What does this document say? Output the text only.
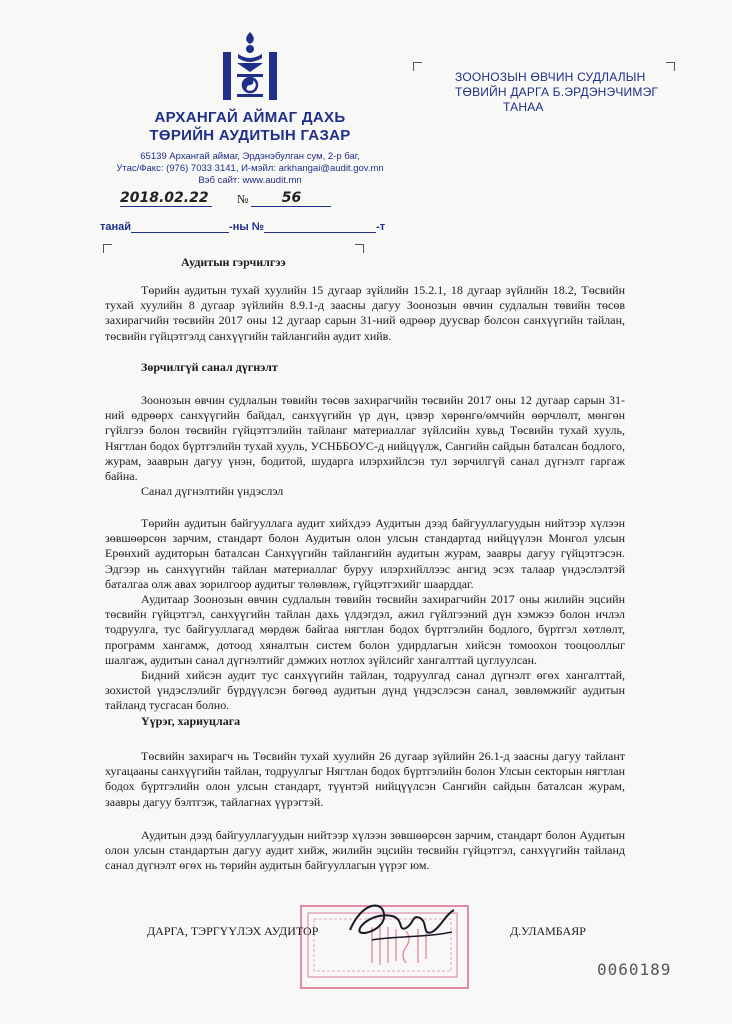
АРХАНГАЙ АЙМАГ ДАХЬ
ТӨРИЙН АУДИТЫН ГАЗАР
65139 Архангай аймаг, Эрдэнэбулган сум, 2-р баг,
Утас/Факс: (976) 7033 3141, И-мэйл: arkhangai@audit.gov.mn
Вэб сайт: www.audit.mn
ЗООНОЗЫН ӨВЧИН СУДЛАЛЫН
ТӨВИЙН ДАРГА Б.ЭРДЭНЭЧИМЭГ
ТАНАА
2018.02.22 № 56
танай	-ны №	-т
Аудитын гэрчилгээ

Төрийн аудитын тухай хуулийн 15 дугаар зүйлийн 15.2.1, 18 дугаар зүйлийн 18.2, Төсвийн тухай хуулийн 8 дугаар зүйлийн 8.9.1-д заасны дагуу Зоонозын өвчин судлалын төвийн төсөв захирагчийн төсвийн 2017 оны 12 дугаар сарын 31-ний өдрөөр дуусвар болсон санхүүгийн тайлан, төсвийн гүйцэтгэлд санхүүгийн тайлангийн аудит хийв.

Зөрчилгүй санал дүгнэлт

Зоонозын өвчин судлалын төвийн төсөв захирагчийн төсвийн 2017 оны 12 дугаар сарын 31-ний өдрөөрх санхүүгийн байдал, санхүүгийн үр дүн, цэвэр хөрөнгө/өмчийн өөрчлөлт, мөнгөн гүйлгээ болон төсвийн гүйцэтгэлийн тайланг материаллаг зүйлсийн хувьд Төсвийн тухай хууль, Нягтлан бодох бүртгэлийн тухай хууль, УСНББОУС-д нийцүүлж, Сангийн сайдын баталсан бодлого, журам, зааврын дагуу үнэн, бодитой, шударга илэрхийлсэн тул зөрчилгүй санал дүгнэлт гаргаж байна.

Санал дүгнэлтийн үндэслэл

Төрийн аудитын байгууллага аудит хийхдээ Аудитын дээд байгууллагуудын нийтээр хүлээн зөвшөөрсөн зарчим, стандарт болон Аудитын олон улсын стандартад нийцүүлэн Монгол улсын Ерөнхий аудиторын баталсан Санхүүгийн тайлангийн аудитын журам, заавры дагуу гүйцэтгэсэн. Эдгээр нь санхүүгийн тайлан материаллаг буруу илэрхийллээс ангид эсэх талаар үндэслэлтэй баталгаа олж авах зорилгоор аудитыг төлөвлөж, гүйцэтгэхийг шаарддаг.

Аудитаар Зоонозын өвчин судлалын төвийн төсвийн захирагчийн 2017 оны жилийн эцсийн төсвийн гүйцэтгэл, санхүүгийн тайлан дахь үлдэгдэл, ажил гүйлгээний дүн хэмжээ болон ичлэл тодруулга, тус байгууллагад мөрдөж байгаа нягтлан бодох бүртгэлийн бодлого, бүртгэл хөтлөлт, программ хангамж, дотоод хяналтын систем болон удирдлагын хийсэн томоохон тооцооллыг шалгаж, аудитын санал дүгнэлтийг дэмжих нотлох зүйлсийг хангалттай цуглуулсан.

Бидний хийсэн аудит тус санхүүгийн тайлан, тодруулгад санал дүгнэлт өгөх хангалттай, зохистой үндэслэлийг бүрдүүлсэн бөгөөд аудитын дүнд үндэслэсэн санал, зөвлөмжийг аудитын тайланд тусгасан болно.

Үүрэг, хариуцлага

Төсвийн захирагч нь Төсвийн тухай хуулийн 26 дугаар зүйлийн 26.1-д заасны дагуу тайлант хугацааны санхүүгийн тайлан, тодруулгыг Нягтлан бодох бүртгэлийн болон Улсын секторын нягтлан бодох бүртгэлийн олон улсын стандарт, түүнтэй нийцүүлсэн Сангийн сайдын баталсан журам, заавры дагуу бэлтгэж, тайлагнах үүрэгтэй.

Аудитын дээд байгууллагуудын нийтээр хүлээн зөвшөөрсөн зарчим, стандарт болон Аудитын олон улсын стандартын дагуу аудит хийж, жилийн эцсийн төсвийн гүйцэтгэл, санхүүгийн тайланд санал дүгнэлт өгөх нь төрийн аудитын байгууллагын үүрэг юм.

ДАРГА, ТЭРГҮҮЛЭХ АУДИТОР	Д.УЛАМБАЯР
0060189
